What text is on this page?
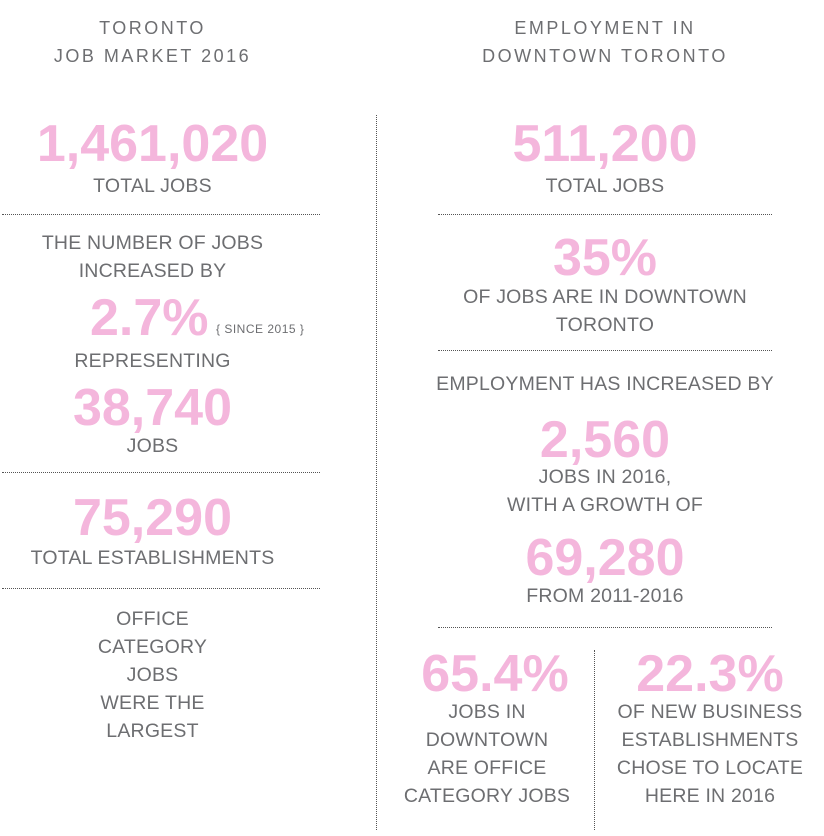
TORONTO
JOB MARKET 2016
1,461,020
TOTAL JOBS
THE NUMBER OF JOBS
INCREASED BY
2.7% { SINCE 2015 }
REPRESENTING
38,740
JOBS
75,290
TOTAL ESTABLISHMENTS
OFFICE
CATEGORY
JOBS
WERE THE
LARGEST
EMPLOYMENT IN
DOWNTOWN TORONTO
511,200
TOTAL JOBS
35%
OF JOBS ARE IN DOWNTOWN
TORONTO
EMPLOYMENT HAS INCREASED BY
2,560
JOBS IN 2016,
WITH A GROWTH OF
69,280
FROM 2011-2016
65.4%
JOBS IN
DOWNTOWN
ARE OFFICE
CATEGORY JOBS
22.3%
OF NEW BUSINESS
ESTABLISHMENTS
CHOSE TO LOCATE
HERE IN 2016
